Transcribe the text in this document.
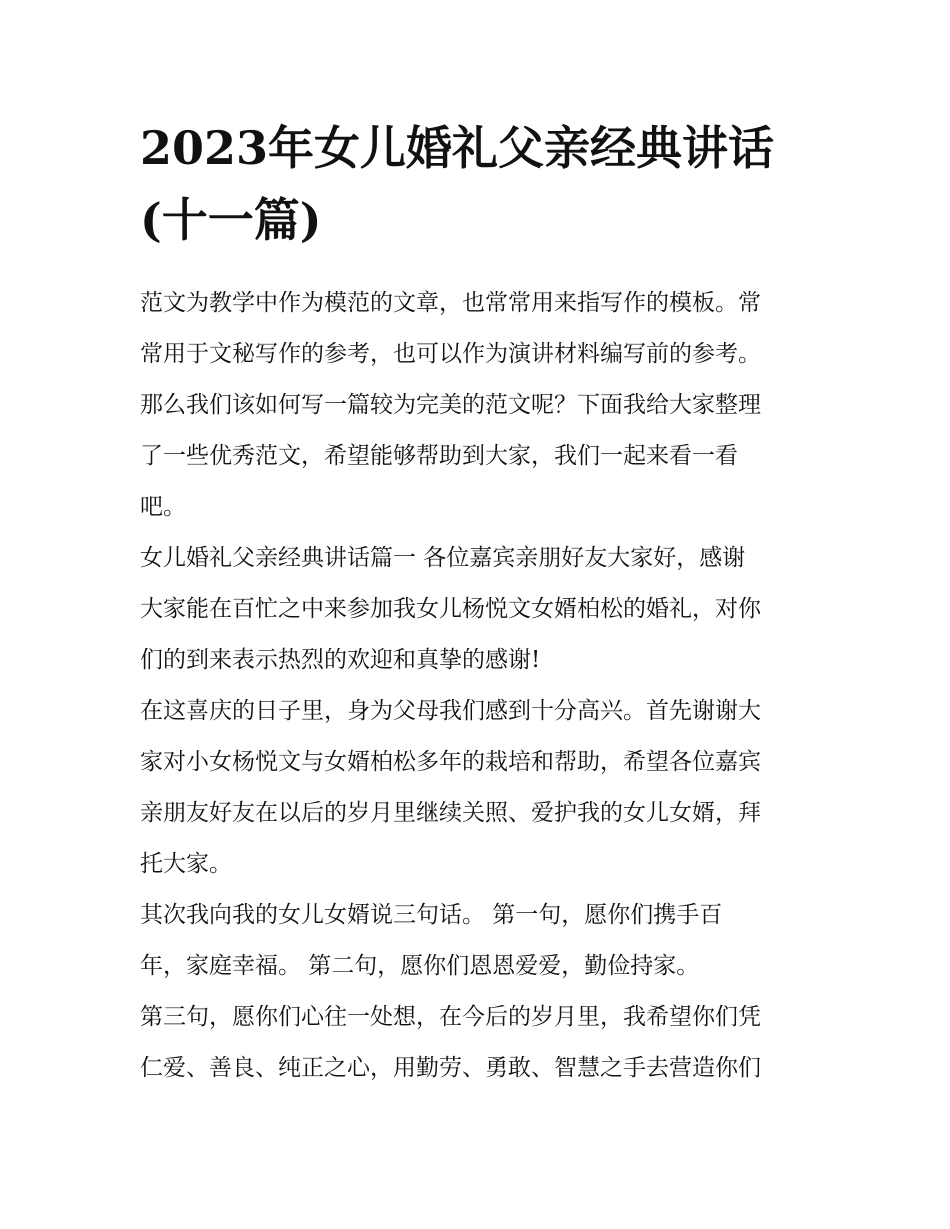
2023年女儿婚礼父亲经典讲话
(十一篇)

范文为教学中作为模范的文章，也常常用来指写作的模板。常
常用于文秘写作的参考，也可以作为演讲材料编写前的参考。
那么我们该如何写一篇较为完美的范文呢？下面我给大家整理
了一些优秀范文，希望能够帮助到大家，我们一起来看一看
吧。

女儿婚礼父亲经典讲话篇一 各位嘉宾亲朋好友大家好，感谢
大家能在百忙之中来参加我女儿杨悦文女婿柏松的婚礼，对你
们的到来表示热烈的欢迎和真挚的感谢!

在这喜庆的日子里，身为父母我们感到十分高兴。首先谢谢大
家对小女杨悦文与女婿柏松多年的栽培和帮助，希望各位嘉宾
亲朋友好友在以后的岁月里继续关照、爱护我的女儿女婿，拜
托大家。

其次我向我的女儿女婿说三句话。 第一句，愿你们携手百
年，家庭幸福。 第二句，愿你们恩恩爱爱，勤俭持家。

第三句，愿你们心往一处想，在今后的岁月里，我希望你们凭
仁爱、善良、纯正之心，用勤劳、勇敢、智慧之手去营造你们
